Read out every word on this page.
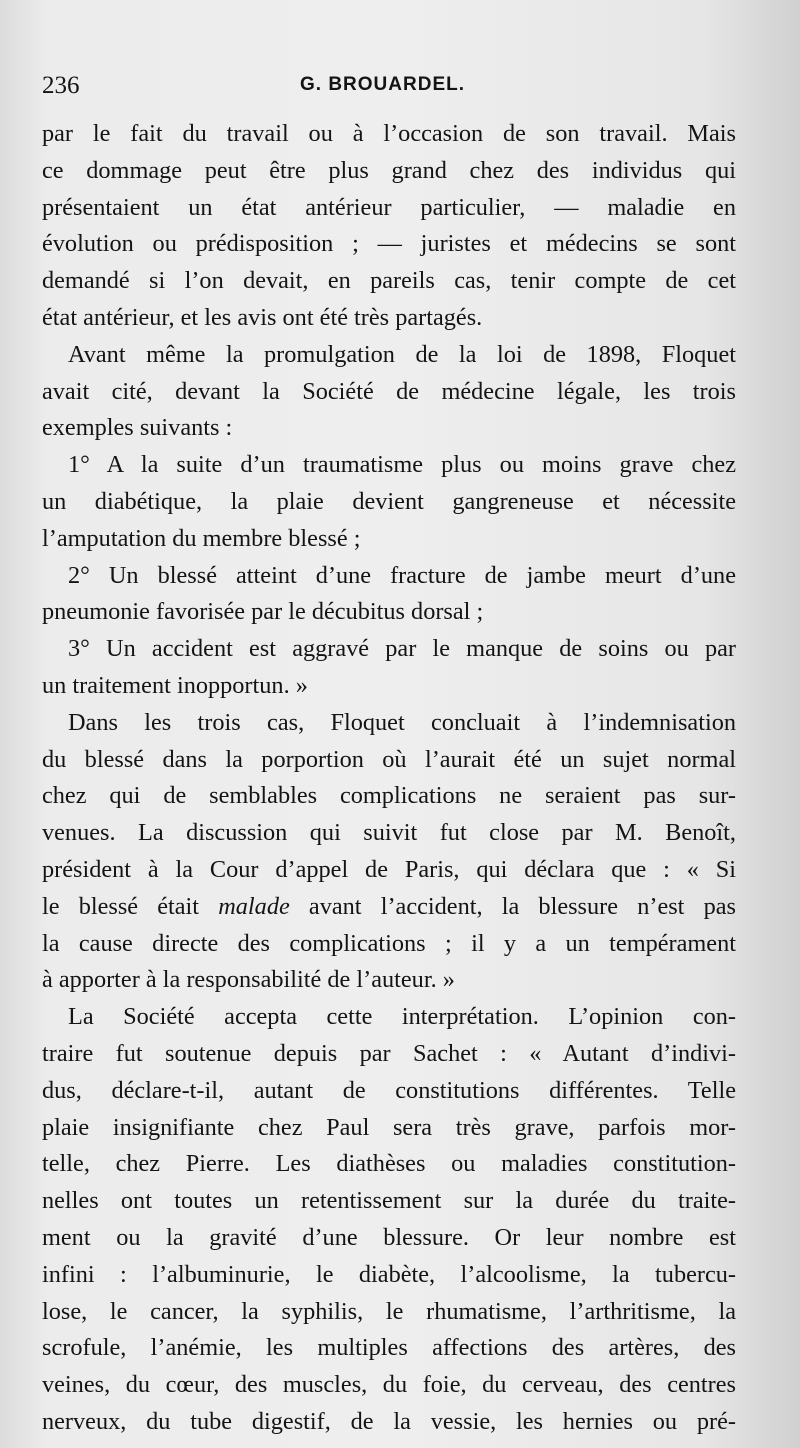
236	G. BROUARDEL.
par le fait du travail ou à l’occasion de son travail. Mais
ce dommage peut être plus grand chez des individus qui
présentaient un état antérieur particulier, — maladie en
évolution ou prédisposition ; — juristes et médecins se sont
demandé si l’on devait, en pareils cas, tenir compte de cet
état antérieur, et les avis ont été très partagés.
Avant même la promulgation de la loi de 1898, Floquet
avait cité, devant la Société de médecine légale, les trois
exemples suivants :
1° A la suite d’un traumatisme plus ou moins grave chez
un diabétique, la plaie devient gangreneuse et nécessite
l’amputation du membre blessé ;
2° Un blessé atteint d’une fracture de jambe meurt d’une
pneumonie favorisée par le décubitus dorsal ;
3° Un accident est aggravé par le manque de soins ou par
un traitement inopportun. »
Dans les trois cas, Floquet concluait à l’indemnisation
du blessé dans la porportion où l’aurait été un sujet normal
chez qui de semblables complications ne seraient pas sur-
venues. La discussion qui suivit fut close par M. Benoît,
président à la Cour d’appel de Paris, qui déclara que : « Si
le blessé était malade avant l’accident, la blessure n’est pas
la cause directe des complications ; il y a un tempérament
à apporter à la responsabilité de l’auteur. »
La Société accepta cette interprétation. L’opinion con-
traire fut soutenue depuis par Sachet : « Autant d’indivi-
dus, déclare-t-il, autant de constitutions différentes. Telle
plaie insignifiante chez Paul sera très grave, parfois mor-
telle, chez Pierre. Les diathèses ou maladies constitution-
nelles ont toutes un retentissement sur la durée du traite-
ment ou la gravité d’une blessure. Or leur nombre est
infini : l’albuminurie, le diabète, l’alcoolisme, la tubercu-
lose, le cancer, la syphilis, le rhumatisme, l’arthritisme, la
scrofule, l’anémie, les multiples affections des artères, des
veines, du cœur, des muscles, du foie, du cerveau, des centres
nerveux, du tube digestif, de la vessie, les hernies ou pré-
